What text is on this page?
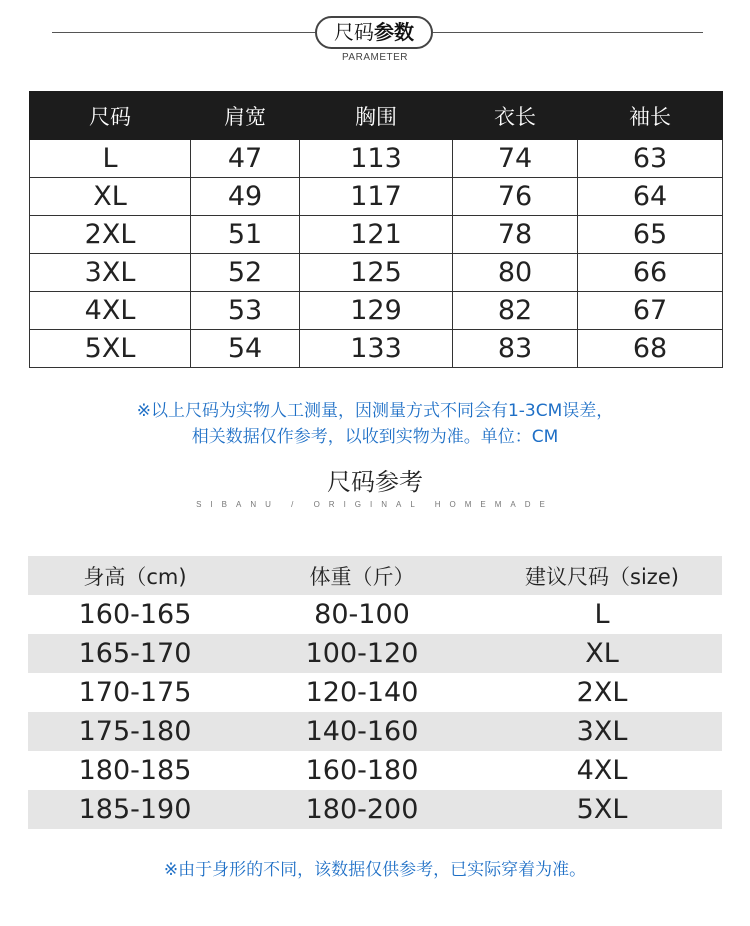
尺码参数
PARAMETER
尺码	肩宽	胸围	衣长	袖长
L	47	113	74	63
XL	49	117	76	64
2XL	51	121	78	65
3XL	52	125	80	66
4XL	53	129	82	67
5XL	54	133	83	68
※以上尺码为实物人工测量，因测量方式不同会有1-3CM误差，
相关数据仅作参考，以收到实物为准。单位：CM
尺码参考
SIBANU / ORIGINAL HOMEMADE
身高（cm)	体重（斤）	建议尺码（size)
160-165	80-100	L
165-170	100-120	XL
170-175	120-140	2XL
175-180	140-160	3XL
180-185	160-180	4XL
185-190	180-200	5XL
※由于身形的不同，该数据仅供参考，已实际穿着为准。
